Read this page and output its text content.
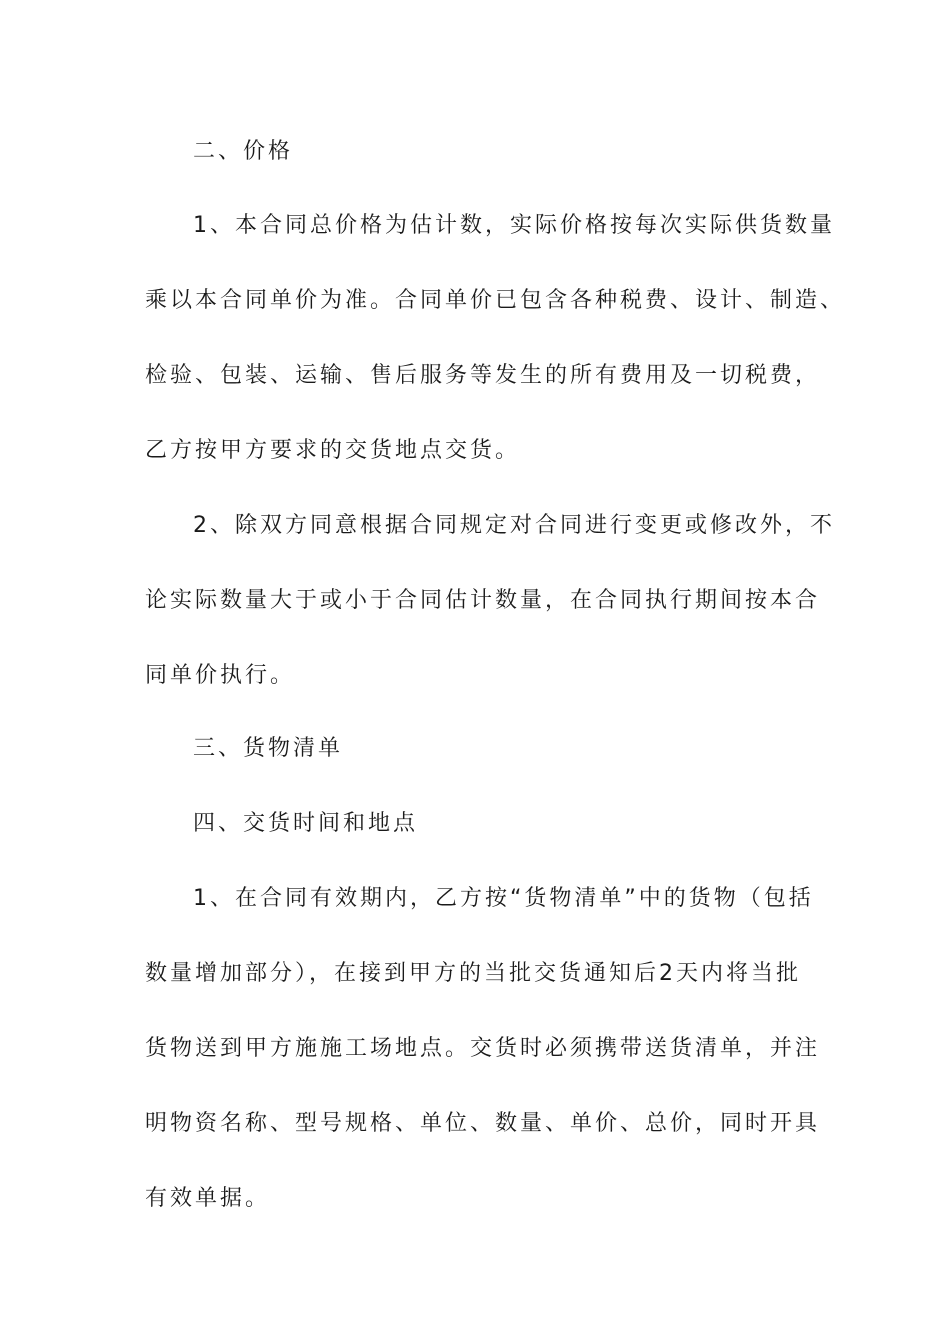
二、价格
1、本合同总价格为估计数，实际价格按每次实际供货数量
乘以本合同单价为准。合同单价已包含各种税费、设计、制造、
检验、包装、运输、售后服务等发生的所有费用及一切税费，
乙方按甲方要求的交货地点交货。
2、除双方同意根据合同规定对合同进行变更或修改外，不
论实际数量大于或小于合同估计数量，在合同执行期间按本合
同单价执行。
三、货物清单
四、交货时间和地点
1、在合同有效期内，乙方按“货物清单”中的货物（包括
数量增加部分），在接到甲方的当批交货通知后2天内将当批
货物送到甲方施施工场地点。交货时必须携带送货清单，并注
明物资名称、型号规格、单位、数量、单价、总价，同时开具
有效单据。
